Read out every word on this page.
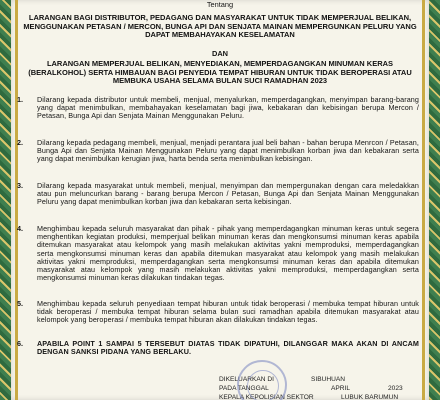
Tentang
LARANGAN BAGI DISTRIBUTOR, PEDAGANG DAN MASYARAKAT UNTUK TIDAK MEMPERJUAL BELIKAN, MENGGUNAKAN PETASAN / MERCON, BUNGA API DAN SENJATA MAINAN MEMPERGUNKAN PELURU YANG DAPAT MEMBAHAYAKAN KESELAMATAN
DAN
LARANGAN MEMPERJUAL BELIKAN, MENYEDIAKAN, MEMPERDAGANGKAN MINUMAN KERAS (BERALKOHOL) SERTA HIMBAUAN BAGI PENYEDIA TEMPAT HIBURAN UNTUK TIDAK BEROPERASI ATAU MEMBUKA USAHA SELAMA BULAN SUCI RAMADHAN 2023
1.	Dilarang kepada distributor untuk membeli, menjual, menyalurkan, memperdagangkan, menyimpan barang-barang yang dapat menimbulkan, membahayakan keselamatan bagi jiwa, kebakaran dan kebisingan berupa Mercon / Petasan, Bunga Api dan Senjata Mainan Menggunakan Peluru.
2.	Dilarang kepada pedagang membeli, menjual, menjadi perantara jual beli bahan - bahan berupa Menrcon / Petasan, Bunga Api dan Senjata Mainan Menggunakan Peluru yang dapat menimbulkan korban jiwa dan kebakaran serta yang dapat menimbulkan kerugian jiwa, harta benda serta menimbulkan kebisingan.
3.	Dilarang kepada masyarakat untuk membeli, menjual, menyimpan dan mempergunakan dengan cara meledakkan atau pun meluncurkan barang - barang berupa Mercon / Petasan, Bunga Api dan Senjata Mainan Menggunakan Peluru yang dapat menimbulkan korban jiwa dan kebakaran serta kebisingan.
4.	Menghimbau kepada seluruh masyarakat dan pihak - pihak yang memperdagangkan minuman keras untuk segera menghentikan kegiatan produksi, memperjual belikan minuman keras dan mengkonsumsi minuman keras apabila ditemukan masyarakat atau kelompok yang masih melakukan aktivitas yakni memproduksi, memperdagangkan serta mengkonsumsi minuman keras dan apabila ditemukan masyarakat atau kelompok yang masih melakukan aktivitas yakni memproduksi, memperdagangkan serta mengkonsumsi minuman keras dan apabila ditemukan masyarakat atau kelompok yang masih melakukan aktivitas yakni memproduksi, memperdagangkan serta mengkonsumsi minuman keras dilakukan tindakan tegas.
5.	Menghimbau kepada seluruh penyediaan tempat hiburan untuk tidak beroperasi / membuka tempat hiburan untuk tidak beroperasi / membuka tempat hiburan selama bulan suci ramadhan apabila ditemukan masyarakat atau kelompok yang beroperasi / membuka tempat hiburan akan dilakukan tindakan tegas.
6.	APABILA POINT 1 SAMPAI 5 TERSEBUT DIATAS TIDAK DIPATUHI, DILANGGAR MAKA AKAN DI ANCAM DENGAN SANKSI PIDANA YANG BERLAKU.
DIKELUARKAN DI	SIBUHUAN
PADA TANGGAL	APRIL	2023
KEPALA KEPOLISIAN SEKTOR	LUBUK BARUMUN
